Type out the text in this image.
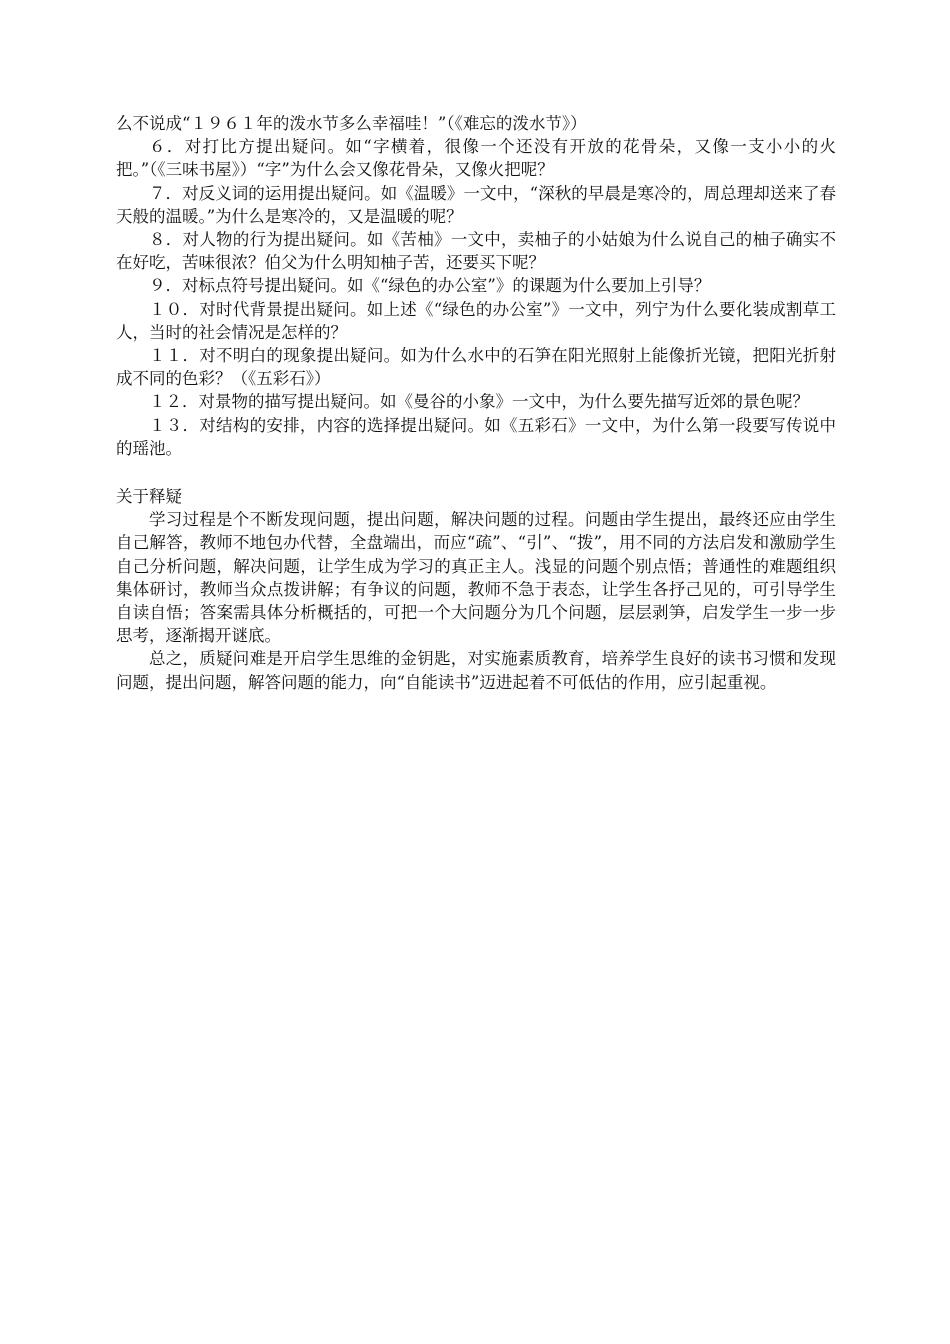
么不说成“１９６１年的泼水节多么幸福哇！”（《难忘的泼水节》）

６．对打比方提出疑问。如“字横着，很像一个还没有开放的花骨朵，又像一支小小的火把。”（《三味书屋》）“字”为什么会又像花骨朵，又像火把呢？

７．对反义词的运用提出疑问。如《温暖》一文中，“深秋的早晨是寒冷的，周总理却送来了春天般的温暖。”为什么是寒冷的，又是温暖的呢？

８．对人物的行为提出疑问。如《苦柚》一文中，卖柚子的小姑娘为什么说自己的柚子确实不在好吃，苦味很浓？伯父为什么明知柚子苦，还要买下呢？

９．对标点符号提出疑问。如《“绿色的办公室”》的课题为什么要加上引导？

１０．对时代背景提出疑问。如上述《“绿色的办公室”》一文中，列宁为什么要化装成割草工人，当时的社会情况是怎样的？

１１．对不明白的现象提出疑问。如为什么水中的石笋在阳光照射上能像折光镜，把阳光折射成不同的色彩？（《五彩石》）

１２．对景物的描写提出疑问。如《曼谷的小象》一文中，为什么要先描写近郊的景色呢？

１３．对结构的安排，内容的选择提出疑问。如《五彩石》一文中，为什么第一段要写传说中的瑶池。

关于释疑

学习过程是个不断发现问题，提出问题，解决问题的过程。问题由学生提出，最终还应由学生自己解答，教师不地包办代替，全盘端出，而应“疏”、“引”、“拨”，用不同的方法启发和激励学生自己分析问题，解决问题，让学生成为学习的真正主人。浅显的问题个别点悟；普通性的难题组织集体研讨，教师当众点拨讲解；有争议的问题，教师不急于表态，让学生各抒己见的，可引导学生自读自悟；答案需具体分析概括的，可把一个大问题分为几个问题，层层剥笋，启发学生一步一步思考，逐渐揭开谜底。

总之，质疑问难是开启学生思维的金钥匙，对实施素质教育，培养学生良好的读书习惯和发现问题，提出问题，解答问题的能力，向“自能读书”迈进起着不可低估的作用，应引起重视。
